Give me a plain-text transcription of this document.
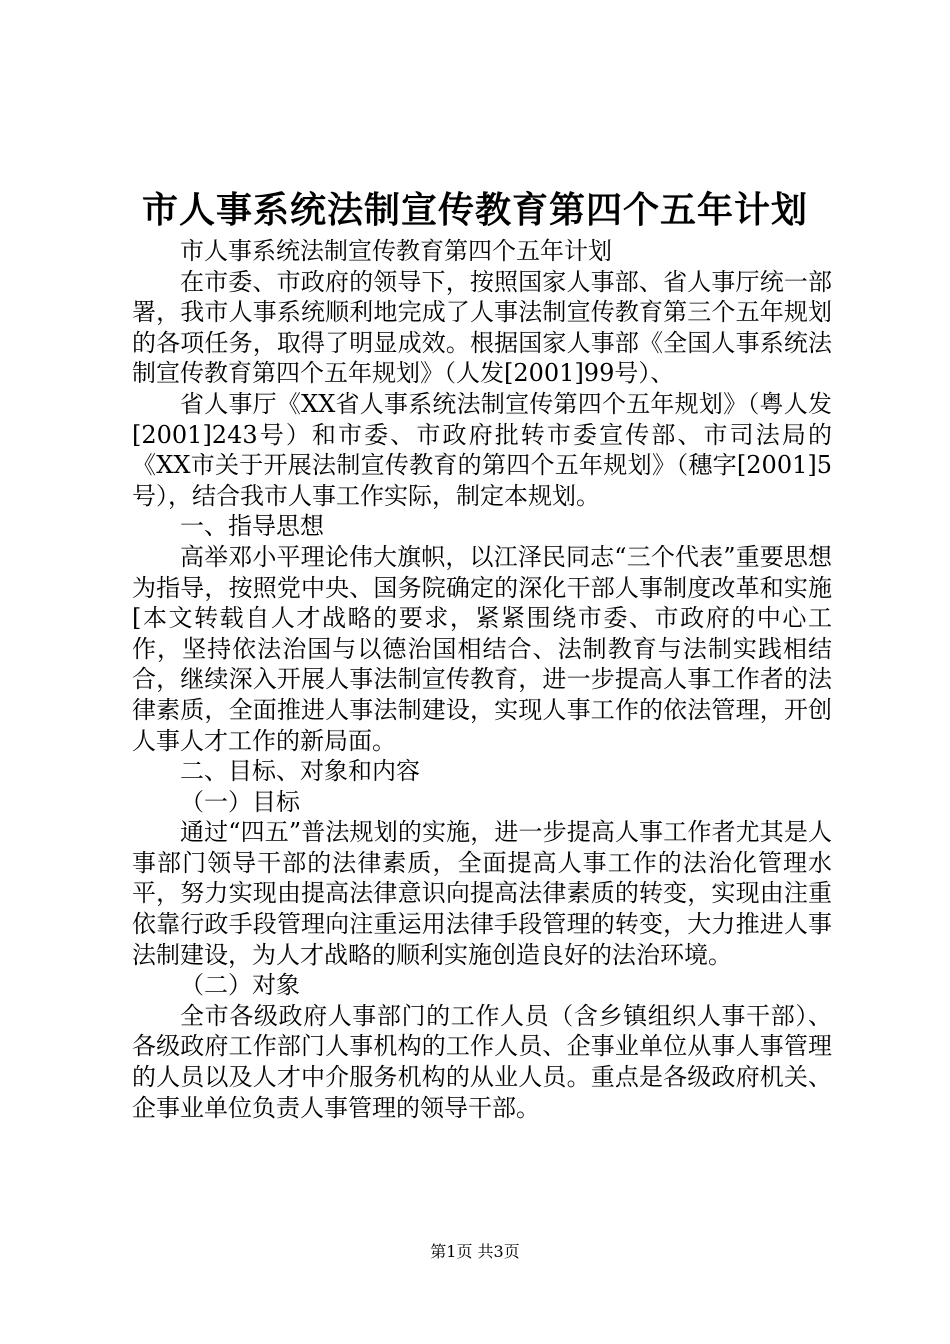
市人事系统法制宣传教育第四个五年计划

市人事系统法制宣传教育第四个五年计划

在市委、市政府的领导下，按照国家人事部、省人事厅统一部署，我市人事系统顺利地完成了人事法制宣传教育第三个五年规划的各项任务，取得了明显成效。根据国家人事部《全国人事系统法制宣传教育第四个五年规划》（人发[2001]99号）、

省人事厅《XX省人事系统法制宣传第四个五年规划》（粤人发[2001]243号）和市委、市政府批转市委宣传部、市司法局的《XX市关于开展法制宣传教育的第四个五年规划》（穗字[2001]5号），结合我市人事工作实际，制定本规划。

一、指导思想

高举邓小平理论伟大旗帜，以江泽民同志“三个代表”重要思想为指导，按照党中央、国务院确定的深化干部人事制度改革和实施[本文转载自人才战略的要求，紧紧围绕市委、市政府的中心工作，坚持依法治国与以德治国相结合、法制教育与法制实践相结合，继续深入开展人事法制宣传教育，进一步提高人事工作者的法律素质，全面推进人事法制建设，实现人事工作的依法管理，开创人事人才工作的新局面。

二、目标、对象和内容

（一）目标

通过“四五”普法规划的实施，进一步提高人事工作者尤其是人事部门领导干部的法律素质，全面提高人事工作的法治化管理水平，努力实现由提高法律意识向提高法律素质的转变，实现由注重依靠行政手段管理向注重运用法律手段管理的转变，大力推进人事法制建设，为人才战略的顺利实施创造良好的法治环境。

（二）对象

全市各级政府人事部门的工作人员（含乡镇组织人事干部）、各级政府工作部门人事机构的工作人员、企事业单位从事人事管理的人员以及人才中介服务机构的从业人员。重点是各级政府机关、企事业单位负责人事管理的领导干部。

第1页 共3页
